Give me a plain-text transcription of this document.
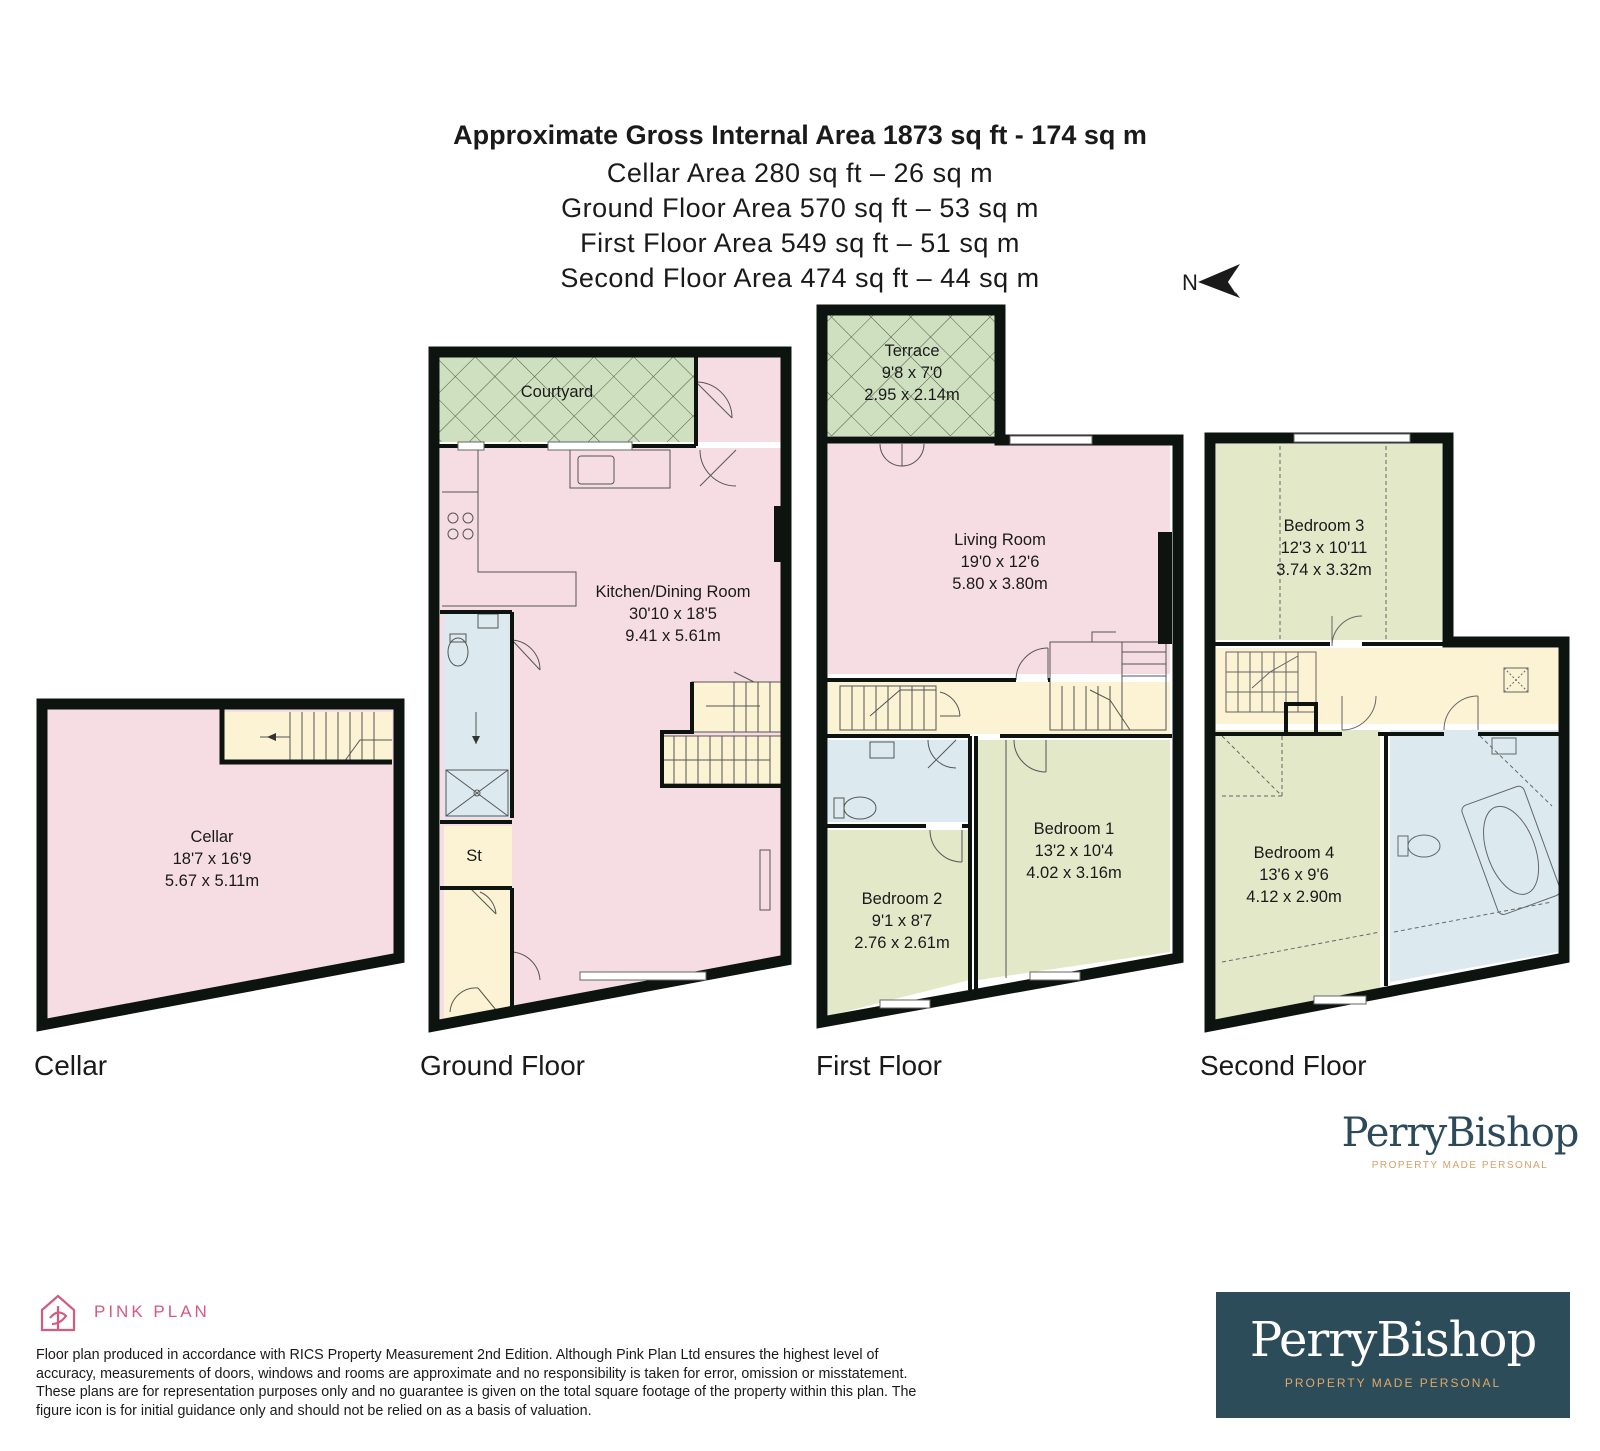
Approximate Gross Internal Area 1873 sq ft - 174 sq m
Cellar Area 280 sq ft – 26 sq m
Ground Floor Area 570 sq ft – 53 sq m
First Floor Area 549 sq ft – 51 sq m
Second Floor Area 474 sq ft – 44 sq m	N
Cellar
18'7 x 16'9
5.67 x 5.11m
Courtyard
Kitchen/Dining Room
30'10 x 18'5
9.41 x 5.61m
St
Terrace
9'8 x 7'0
2.95 x 2.14m
Living Room
19'0 x 12'6
5.80 x 3.80m
Bedroom 1
13'2 x 10'4
4.02 x 3.16m
Bedroom 2
9'1 x 8'7
2.76 x 2.61m
Bedroom 3
12'3 x 10'11
3.74 x 3.32m
Bedroom 4
13'6 x 9'6
4.12 x 2.90m
Cellar	Ground Floor	First Floor	Second Floor
PerryBishop
PROPERTY MADE PERSONAL
PINK PLAN
Floor plan produced in accordance with RICS Property Measurement 2nd Edition. Although Pink Plan Ltd ensures the highest level of accuracy, measurements of doors, windows and rooms are approximate and no responsibility is taken for error, omission or misstatement. These plans are for representation purposes only and no guarantee is given on the total square footage of the property within this plan. The figure icon is for initial guidance only and should not be relied on as a basis of valuation.
PerryBishop
PROPERTY MADE PERSONAL
